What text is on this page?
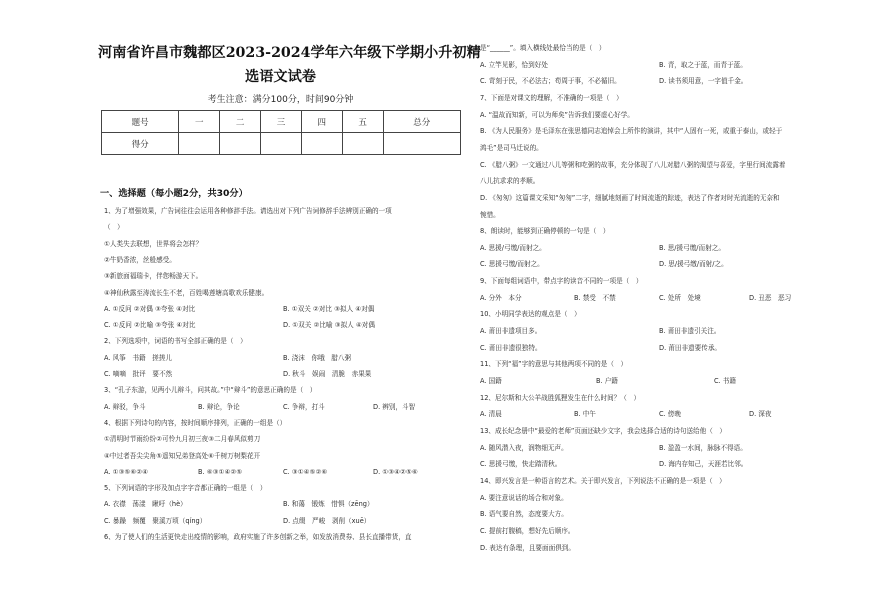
河南省许昌市魏都区2023-2024学年六年级下学期小升初精
选语文试卷
考生注意：满分100分，时间90分钟
题号	一	二	三	四	五	总分
得分						
一、选择题（每小题2分，共30分）
1、为了增强效果，广告词往往会运用各种修辞手法。请选出对下列广告词修辞手法辨别正确的一项
（　）
①人类失去联想，世界将会怎样？
②牛奶香浓，丝般感受。
③新旅面福瑞卡，伴您畅游天下。
④神仙秋露至涛流长生不老，百姓喝莲塘高歌欢乐健康。
A. ①反问 ②对偶 ③夸张 ④对比	B. ①双关 ②对比 ③拟人 ④对偶
C. ①反问 ②比喻 ③夸张 ④对比	D. ①双关 ②比喻 ③拟人 ④对偶
2、下列选项中，词语的书写全部正确的是（　）
A. 风筝　书籍　搓搓儿	B. 浇沫　你哦　腊八粥
C. 嘀嘀　批评　要不然	D. 秋斗　娱闹　清脆　赤果果
3、“孔子东游，见两小儿辩斗，问其故。”中“辩斗”的意思正确的是（　）
A. 辩驳，争斗	B. 辩论，争论	C. 争辩，打斗	D. 辨别，斗智
4、根据下列诗句的内容，按时间顺序排列，正确的一组是（）
①清明时节雨纷纷②可怜九月初三夜③二月春风似剪刀
④中过者吾尖尖角⑤遥知兄弟登高处⑥千树万树梨花开
A. ①③⑤⑥②④	B. ⑥③①④②⑤	C. ③①④⑤②⑥	D. ①③④②⑤⑥
5、下列词语的字形及加点字字音都正确的一组是（　）
A. 衣襟　荡漾　瞅吁（hè）	B. 和蔼　锻炼　惜惧（zēng）
C. 暴躁　频覆　聚溪万顷（qíng）	D. 点缀　严峻　剥削（xuē）
6、为了使人们的生活更快走出疫情的影响，政府实施了许多创新之举，如发放消费券、县长直播带货，直
是“______”。填入横线处最恰当的是（　）
A. 立竿见影，恰到好处	B. 青，取之于蓝，而青于蓝。
C. 苛刻于民，不必法古；苟周于事，不必循旧。	D. 读书须用意，一字值千金。
7、下面是对课文的理解，不准确的一项是（　）
A. “温故而知新，可以为师矣”告诉我们要虚心好学。
B. 《为人民服务》是毛泽东在张思德同志追悼会上所作的演讲，其中“人固有一死，或重于泰山，或轻于
鸿毛”是司马迁说的。
C. 《腊八粥》一文通过八儿等粥和吃粥的故事，充分体现了八儿对腊八粥的渴望与喜爱，字里行间流露着
八儿抗求求的孝顺。
D. 《匆匆》这篇课文采知“匆匆”二字，细腻地刻画了时间流逝的踪迹，表达了作者对时光流逝的无奈和
惋惜。
8、朗读时，能够到正确停顿的一句是（　）
A. 思援/弓缴/而射之。	B. 思/援弓缴/而射之。
C. 思援弓缴/而射之。	D. 思/援弓缴/而射/之。
9、下面每组词语中，带点字的读音不同的一项是（　）
A. 分外　本分	B. 禁受　不禁	C. 处所　处境	D. 丑恶　恶习
10、小明同学表达的观点是（　）
A. 莆田非遗项目多。	B. 莆田非遗引关注。
C. 莆田非遗很独特。	D. 莆田非遗要传承。
11、下列“福”字的意思与其他两项不同的是（　）
A. 国籍	B. 户籍	C. 书籍
12、尼尔斯和大公羊战胜狐狸发生在什么时间？（　）
A. 清晨	B. 中午	C. 傍晚	D. 深夜
13、成长纪念册中“最爱的老师”页面还缺少文字，我会选择合适的诗句送给他（　）
A. 随风潜入夜，润物细无声。	B. 盈盈一水间，脉脉不得语。
C. 思援弓缴，快走踏清秋。	D. 海内存知己，天涯若比邻。
14、即兴发言是一种语言的艺术。关于即兴发言，下列说法不正确的是一项是（　）
A. 要注意说话的场合和对象。
B. 语气要自然，态度要大方。
C. 提前打腹稿，想好先后顺序。
D. 表达有条理，且要面面俱到。
